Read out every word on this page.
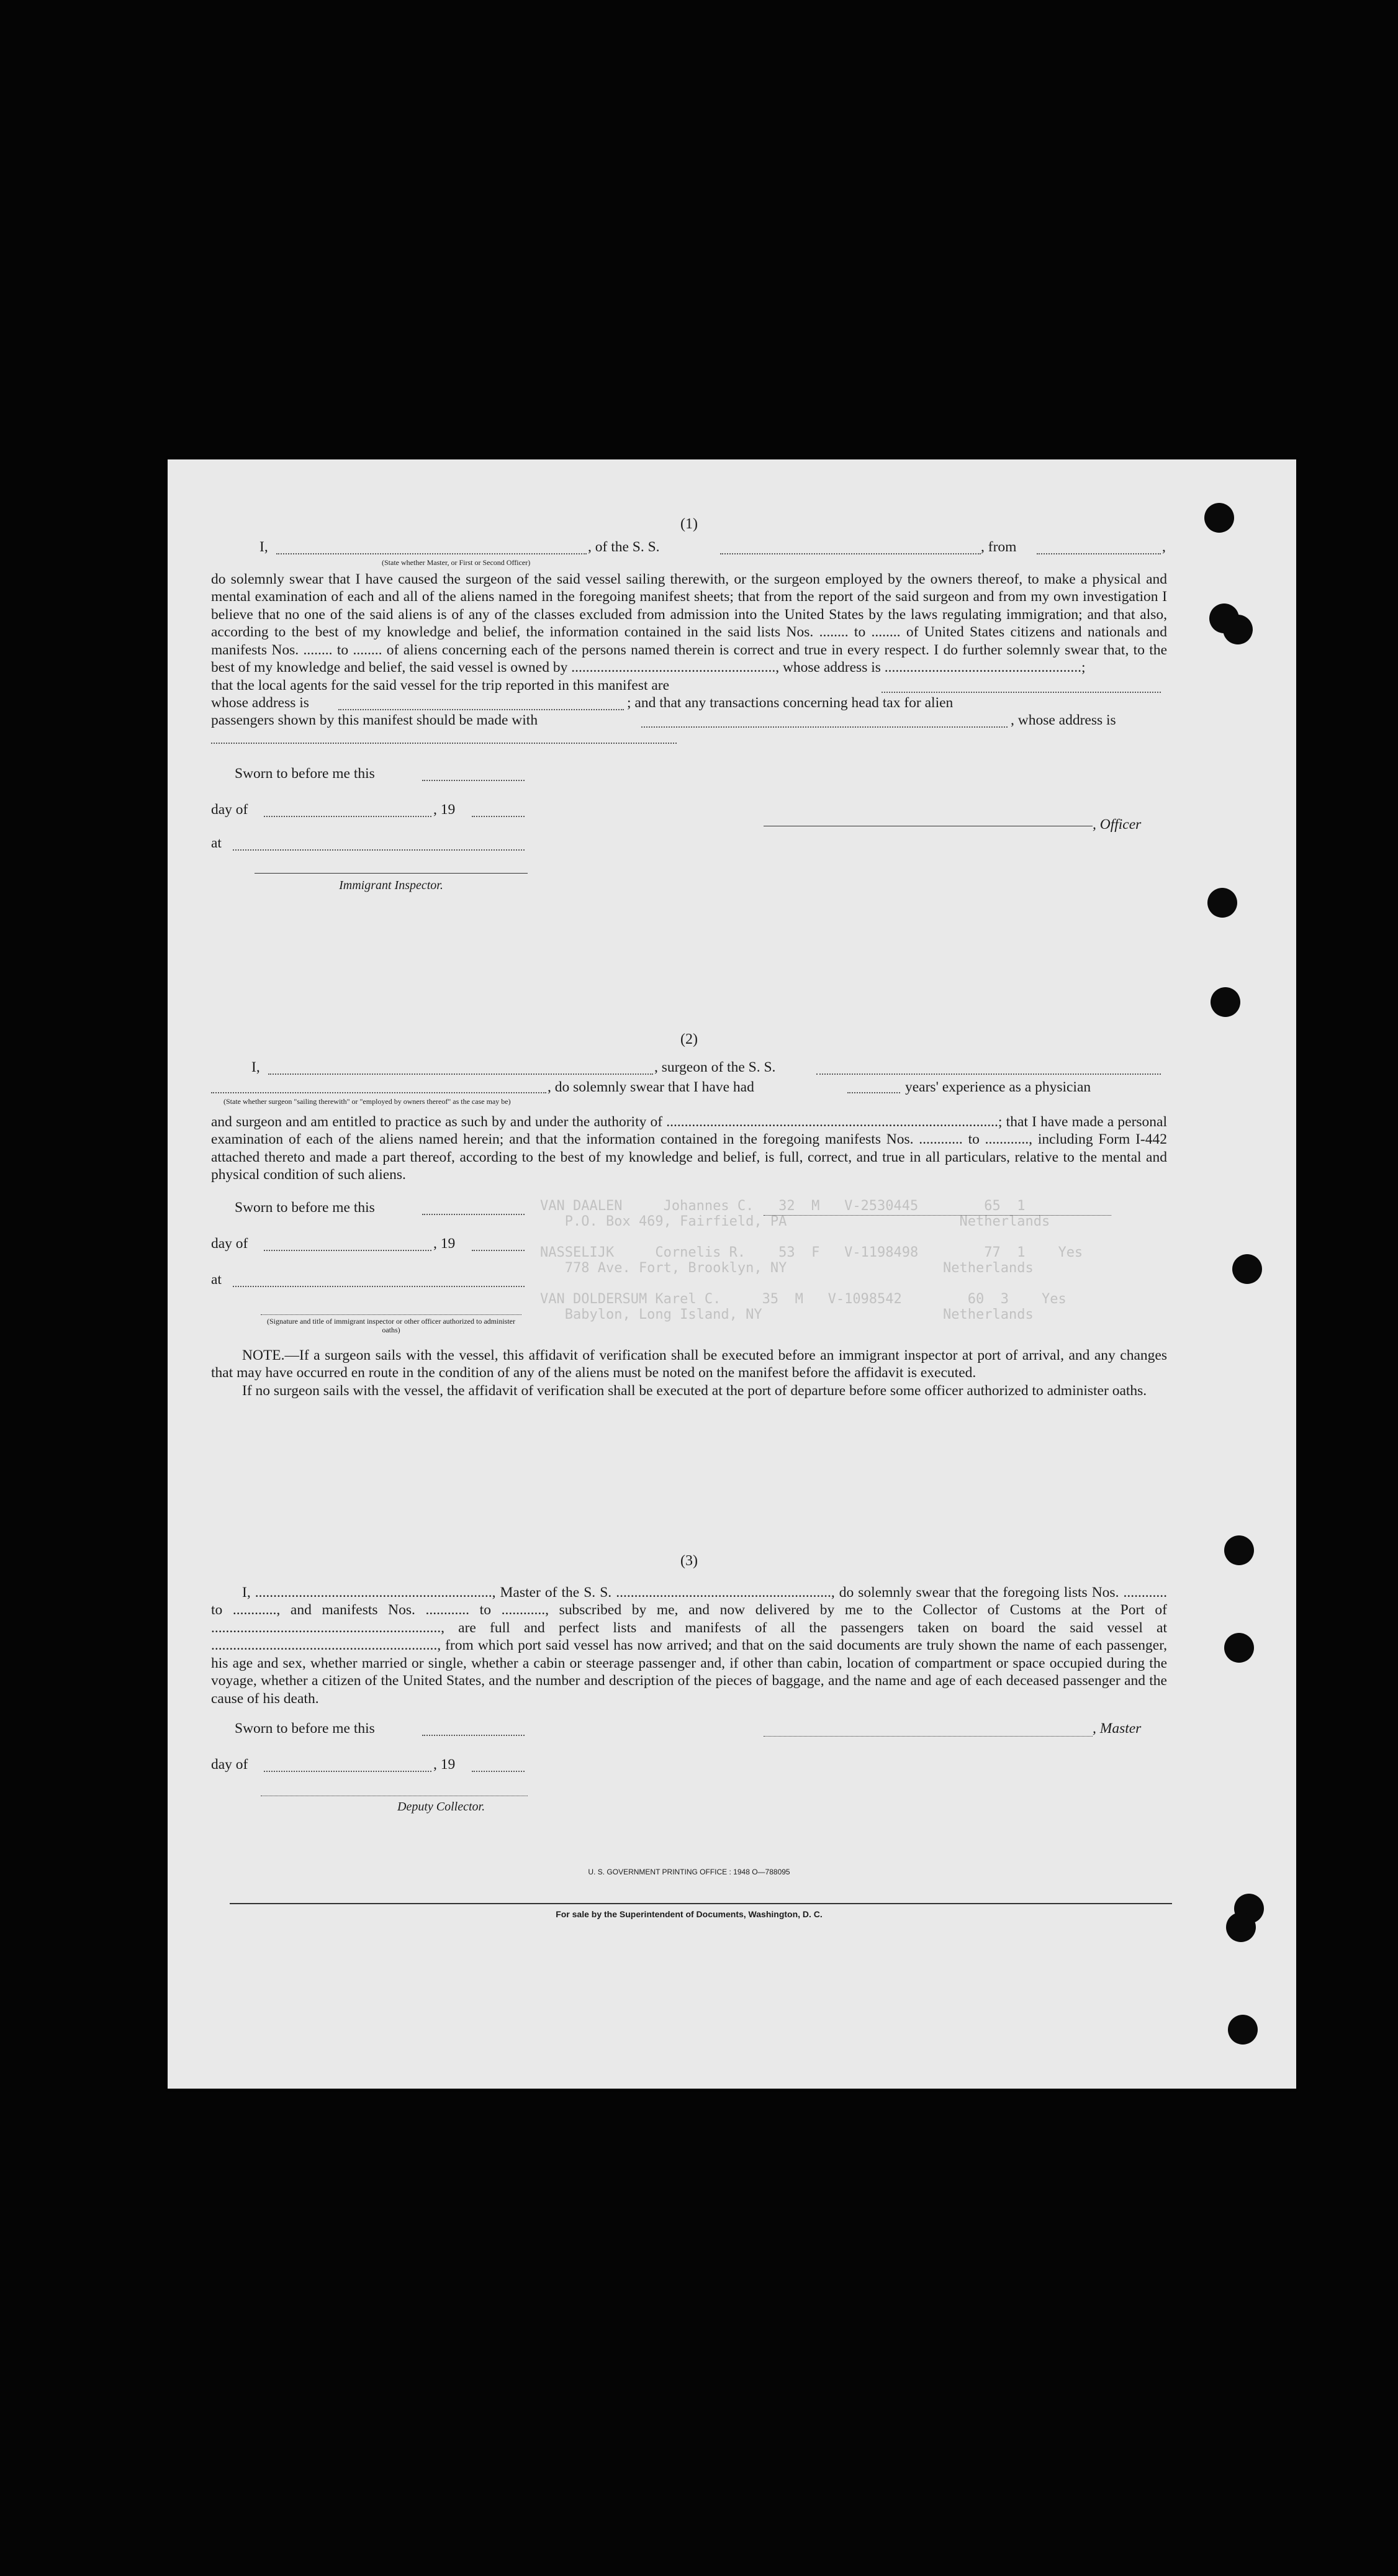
VAN DAALEN     Johannes C.   32  M   V-2530445        65  1
P.O. Box 469, Fairfield, PA                     Netherlands

NASSELIJK     Cornelis R.    53  F   V-1198498        77  1    Yes
778 Ave. Fort, Brooklyn, NY                   Netherlands

VAN DOLDERSUM Karel C.     35  M   V-1098542        60  3    Yes
Babylon, Long Island, NY                      Netherlands

(1)

I,	, of the S. S.	, from	,
(State whether Master, or First or Second Officer)

do solemnly swear that I have caused the surgeon of the said vessel sailing therewith, or the surgeon employed by the owners thereof, to make a physical and mental examination of each and all of the aliens named in the foregoing manifest sheets; that from the report of the said surgeon and from my own investigation I believe that no one of the said aliens is of any of the classes excluded from admission into the United States by the laws regulating immigration; and that also, according to the best of my knowledge and belief, the information contained in the said lists Nos. ........ to ........ of United States citizens and nationals and manifests Nos. ........ to ........ of aliens concerning each of the persons named therein is correct and true in every respect. I do further solemnly swear that, to the best of my knowledge and belief, the said vessel is owned by ........................................................, whose address is ......................................................;

that the local agents for the said vessel for the trip reported in this manifest are
whose address is	; and that any transactions concerning head tax for alien
passengers shown by this manifest should be made with	, whose address is
Sworn to before me this
day of	, 19
at
, Officer
Immigrant Inspector.

(2)

I,	, surgeon of the S. S.
, do solemnly swear that I have had	years' experience as a physician
(State whether surgeon "sailing therewith" or "employed by owners thereof" as the case may be)

and surgeon and am entitled to practice as such by and under the authority of ...........................................................................................; that I have made a personal examination of each of the aliens named herein; and that the information contained in the foregoing manifests Nos. ............ to ............, including Form I-442 attached thereto and made a part thereof, according to the best of my knowledge and belief, is full, correct, and true in all particulars, relative to the mental and physical condition of such aliens.

Sworn to before me this
day of	, 19
at
(Signature and title of immigrant inspector or other officer authorized to administer oaths)

NOTE.—If a surgeon sails with the vessel, this affidavit of verification shall be executed before an immigrant inspector at port of arrival, and any changes that may have occurred en route in the condition of any of the aliens must be noted on the manifest before the affidavit is executed.

If no surgeon sails with the vessel, the affidavit of verification shall be executed at the port of departure before some officer authorized to administer oaths.

(3)

I, ................................................................., Master of the S. S. ..........................................................., do solemnly swear that the foregoing lists Nos. ............ to ............, and manifests Nos. ............ to ............, subscribed by me, and now delivered by me to the Collector of Customs at the Port of ..............................................................., are full and perfect lists and manifests of all the passengers taken on board the said vessel at .............................................................., from which port said vessel has now arrived; and that on the said documents are truly shown the name of each passenger, his age and sex, whether married or single, whether a cabin or steerage passenger and, if other than cabin, location of compartment or space occupied during the voyage, whether a citizen of the United States, and the number and description of the pieces of baggage, and the name and age of each deceased passenger and the cause of his death.

Sworn to before me this	, Master
day of	, 19
Deputy Collector.
U. S. GOVERNMENT PRINTING OFFICE : 1948 O—788095
For sale by the Superintendent of Documents, Washington, D. C.
